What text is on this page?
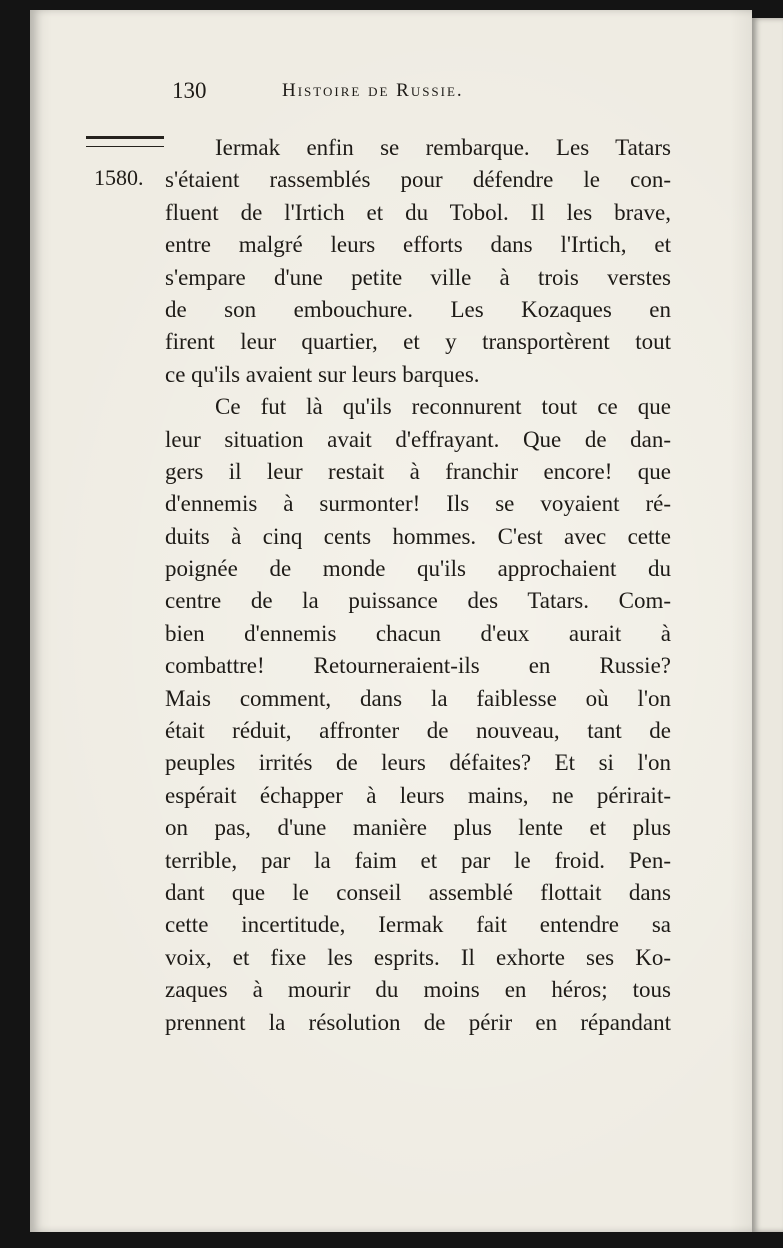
130	Histoire de Russie.
1580.
Iermak enfin se rembarque. Les Tatars
s'étaient rassemblés pour défendre le con-
fluent de l'Irtich et du Tobol. Il les brave,
entre malgré leurs efforts dans l'Irtich, et
s'empare d'une petite ville à trois verstes
de son embouchure. Les Kozaques en
firent leur quartier, et y transportèrent tout
ce qu'ils avaient sur leurs barques.
Ce fut là qu'ils reconnurent tout ce que
leur situation avait d'effrayant. Que de dan-
gers il leur restait à franchir encore! que
d'ennemis à surmonter! Ils se voyaient ré-
duits à cinq cents hommes. C'est avec cette
poignée de monde qu'ils approchaient du
centre de la puissance des Tatars. Com-
bien d'ennemis chacun d'eux aurait à
combattre! Retourneraient-ils en Russie?
Mais comment, dans la faiblesse où l'on
était réduit, affronter de nouveau, tant de
peuples irrités de leurs défaites? Et si l'on
espérait échapper à leurs mains, ne périrait-
on pas, d'une manière plus lente et plus
terrible, par la faim et par le froid. Pen-
dant que le conseil assemblé flottait dans
cette incertitude, Iermak fait entendre sa
voix, et fixe les esprits. Il exhorte ses Ko-
zaques à mourir du moins en héros; tous
prennent la résolution de périr en répandant
